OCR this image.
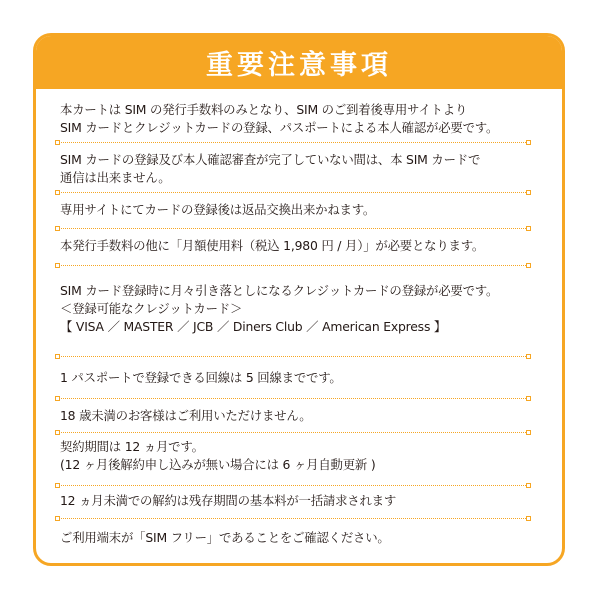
重要注意事項
本カートは SIM の発行手数料のみとなり、SIM のご到着後専用サイトより
SIM カードとクレジットカードの登録、パスポートによる本人確認が必要です。
SIM カードの登録及び本人確認審査が完了していない間は、本 SIM カードで
通信は出来ません。
専用サイトにてカードの登録後は返品交換出来かねます。
本発行手数料の他に「月額使用料（税込 1,980 円 / 月）」が必要となります。
SIM カード登録時に月々引き落としになるクレジットカードの登録が必要です。
＜登録可能なクレジットカード＞
【 VISA ／ MASTER ／ JCB ／ Diners Club ／ American Express 】
1 パスポートで登録できる回線は 5 回線までです。
18 歳未満のお客様はご利用いただけません。
契約期間は 12 ヵ月です。
(12 ヶ月後解約申し込みが無い場合には 6 ヶ月自動更新 )
12 ヵ月未満での解約は残存期間の基本料が一括請求されます
ご利用端末が「SIM フリー」であることをご確認ください。
